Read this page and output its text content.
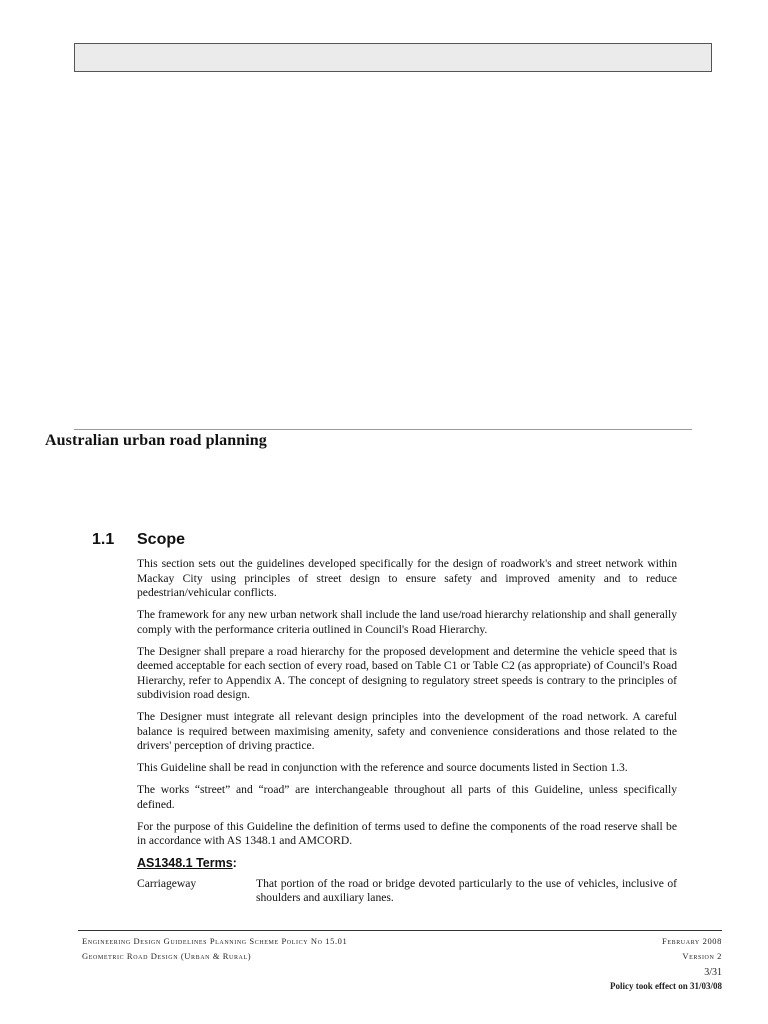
Australian urban road planning
1.1 Scope

This section sets out the guidelines developed specifically for the design of roadwork's and street network within Mackay City using principles of street design to ensure safety and improved amenity and to reduce pedestrian/vehicular conflicts.

The framework for any new urban network shall include the land use/road hierarchy relationship and shall generally comply with the performance criteria outlined in Council's Road Hierarchy.

The Designer shall prepare a road hierarchy for the proposed development and determine the vehicle speed that is deemed acceptable for each section of every road, based on Table C1 or Table C2 (as appropriate) of Council's Road Hierarchy, refer to Appendix A. The concept of designing to regulatory street speeds is contrary to the principles of subdivision road design.

The Designer must integrate all relevant design principles into the development of the road network. A careful balance is required between maximising amenity, safety and convenience considerations and those related to the drivers' perception of driving practice.

This Guideline shall be read in conjunction with the reference and source documents listed in Section 1.3.

The works “street” and “road” are interchangeable throughout all parts of this Guideline, unless specifically defined.

For the purpose of this Guideline the definition of terms used to define the components of the road reserve shall be in accordance with AS 1348.1 and AMCORD.

AS1348.1 Terms:
Carriageway	That portion of the road or bridge devoted particularly to the use of vehicles, inclusive of shoulders and auxiliary lanes.
Engineering Design Guidelines Planning Scheme Policy No 15.01	February 2008
Geometric Road Design (Urban & Rural)	Version 2
3/31
Policy took effect on 31/03/08
